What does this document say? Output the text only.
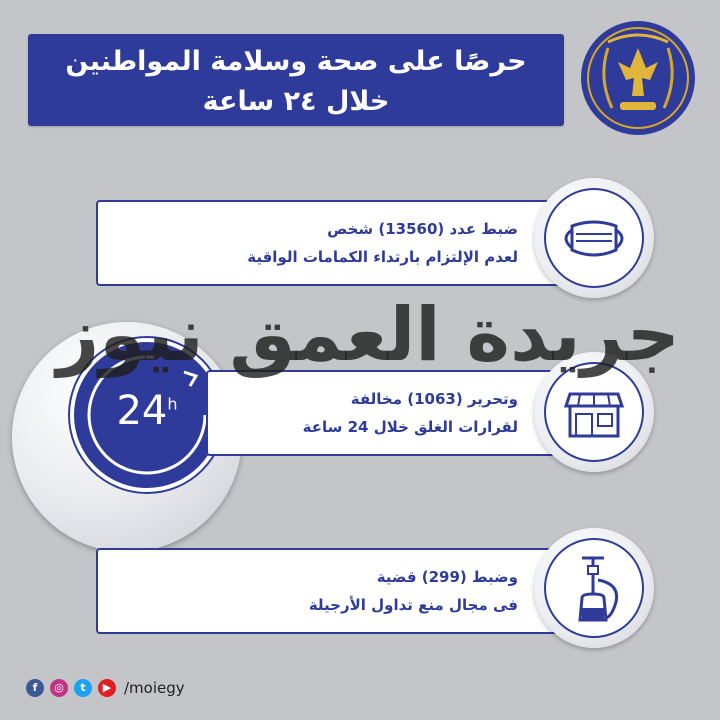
حرصًا على صحة وسلامة المواطنين
خلال ٢٤ ساعة
ضبط عدد (13560) شخص
لعدم الإلتزام بارتداء الكمامات الواقية
24$^h$	وتحرير (1063) مخالفة
لقرارات الغلق خلال 24 ساعة
وضبط (299) قضية
فى مجال منع تداول الأرجيلة
جريدة العمق نيوز
f	◎	t	▶ /moiegy
